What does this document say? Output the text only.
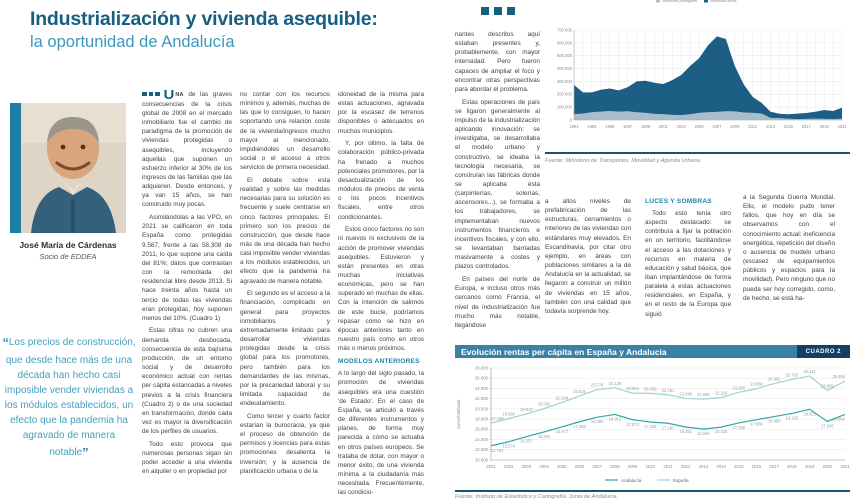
Industrialización y vivienda asequible:
la oportunidad de Andalucía
José María de Cárdenas
Socio de EDDEA
“Los precios de construcción, que desde hace más de una década han hecho casi imposible vender viviendas a los módulos establecidos, un efecto que la pandemia ha agravado de manera notable”

UNA de las graves consecuencias de la crisis global de 2008 en el mercado inmobiliario fue el cambio de paradigma de la promoción de viviendas protegidas o asequibles, incluyendo aquellas que suponen un esfuerzo inferior al 30% de los ingresos de las familias que las adquieren. Desde entonces, y ya van 15 años, se han construido muy pocas.

Asimilándolas a las VPO, en 2021 se calificaron en toda España como protegidas 9.567, frente a las 58.308 de 2011, lo que supone una caída del 81%; datos que contrastan con la remontada del residencial libre desde 2013. Si hace treinta años hasta un tercio de todas las viviendas eran protegidas, hoy suponen menos del 10%. (Cuadro 1)

Estas cifras no cubren una demanda desbocada, consecuencia de esta bajísima producción, de un entorno social y de desarrollo económico actual con rentas per cápita estancadas a niveles previos a la crisis financiera (Cuadro 2) o de una sociedad en transformación, donde cada vez es mayor la diversificación de los perfiles de usuarios.

Todo esto provoca que numerosas personas sigan sin poder acceder a una vivienda en alquiler o en propiedad por

no contar con los recursos mínimos y, además, muchas de las que lo consiguen, lo hacen soportando una relación coste de la vivienda/ingresos mucho mayor al mencionado, impidiéndoles un desarrollo social o el acceso a otros servicios de primera necesidad.

El debate sobre esta realidad y sobre las medidas necesarias para su solución es frecuente y suele centrarse en cinco factores principales. El primero son los precios de construcción, que desde hace más de una década han hecho casi imposible vender viviendas a los módulos establecidos, un efecto que la pandemia ha agravado de manera notable.

El segundo es el acceso a la financiación, complicado en general para proyectos inmobiliarios y extremadamente limitado para desarrollar viviendas protegidas desde la crisis global para los promotores, pero también para los demandantes de las mismas, por la precariedad laboral y su limitada capacidad de endeudamiento.

Como tercer y cuarto factor estarían la burocracia, ya que el proceso de obtención de permisos y licencias para estas promociones desalienta la inversión; y la ausencia de planificación urbana o de la

idoneidad de la misma para estas actuaciones, agravada por la escasez de terrenos disponibles o adecuados en muchos municipios.

Y, por último, la falta de colaboración público-privada ha frenado a muchos potenciales promotores, por la desactualización de los módulos de precios de venta o los pocos incentivos fiscales, entre otros condicionantes.

Estos cinco factores no son ni nuevos ni exclusivos de la acción de promover viviendas asequibles. Estuvieron y están presentes en otras muchas iniciativas económicas, pero se han superado en muchas de ellas. Con la intención de salirnos de este bucle, podríamos repasar cómo se hizo en épocas anteriores tanto en nuestro país como en otros más o menos próximos.

MODELOS ANTERIORES

A lo largo del siglo pasado, la promoción de viviendas asequibles era una cuestión 'de Estado'. En el caso de España, se articuló a través de diferentes instrumentos y planes, de forma muy parecida a cómo se actuaba en otros países europeos. Se trataba de dotar, con mayor o menor éxito, de una vivienda mínima a la ciudadanía más necesitada. Frecuentemente, las condicio-

nantes descritos aquí estaban presentes y, probablemente, con mayor intensidad. Pero fueron capaces de ampliar el foco y encontrar otras perspectivas para abordar el problema.

Estas operaciones de país se ligaron generalmente al impulso de la industrialización aplicando innovación: se investigaba, se desarrollaba el modelo urbano y constructivo, se ideaba la tecnología necesaria, se construían las fábricas donde se aplicaba ésta (carpinterías, solerías, ascensores...), se formaba a los trabajadores, se implementaban nuevos instrumentos financieros e incentivos fiscales, y con ello, se levantaban barriadas masivamente a costes y plazos controlados.

En países del norte de Europa, e incluso otros más cercanos como Francia, el nivel de industrialización fue mucho más notable, llegándose

0
100.000
200.000
300.000
400.000
500.000
600.000
700.000
1991 1993 1995 1997 1999 2001 2003 2005 2007 2009 2011 2013 2015 2017 2019 2021
Viviendas protegidas	Viviendas libres
Fuente: Ministerio de Transportes, Movilidad y Agenda Urbana.

a altos niveles de prefabricación de las estructuras, cerramientos o interiores de las viviendas con estándares muy elevados. En Escandinavia, por citar otro ejemplo, en áreas con poblaciones similares a la de Andalucía en la actualidad, se llegaron a construir un millón de viviendas en 15 años, también con una calidad que todavía sorprende hoy.

LUCES Y SOMBRAS

Todo esto tenía otro aspecto destacado: se contribuía a fijar la población en un territorio, facilitándose el acceso a las dotaciones y recursos en materia de educación y salud básica, que iban implantándose de forma paralela a estas actuaciones residenciales, en España, y en el resto de la Europa que siguió

a la Segunda Guerra Mundial. Ello, el modelo pudo tener fallos, que hoy en día se observamos con el conocimiento actual: ineficiencia energética, repetición del diseño o ausencia de modelo urbano (escasez de equipamientos públicos y espacios para la movilidad). Pero ninguno que no pueda ser hoy corregido, como, de hecho, se está ha-

Evolución rentas per cápita en España y Andalucía	CUADRO 2
10.000
12.000
14.000
16.000
18.000
20.000
22.000
24.000
26.000
28.000
euros/habitante
2001 2002 2003 2004 2005 2006 2007 2008 2009 2010 2011 2012 2013 2014 2015 2016 2017 2018 2019 2020 2021
17.198
18.096
19.013
20.065
21.239
22.525
23.776 24.129
23.062 23.038 22.761
22.046 21.906 22.228
23.250
23.960
24.962
25.763
26.441
23.609
25.456
12.784
13.574
14.557
15.491
16.477
17.483
18.382
18.913
17.873 17.434 17.187
16.461 16.040 16.436
17.249
17.889
18.494
19.105
19.923
17.545
18.906
Andalucía	España
Fuente: Instituto de Estadística y Cartografía. Junta de Andalucía.
